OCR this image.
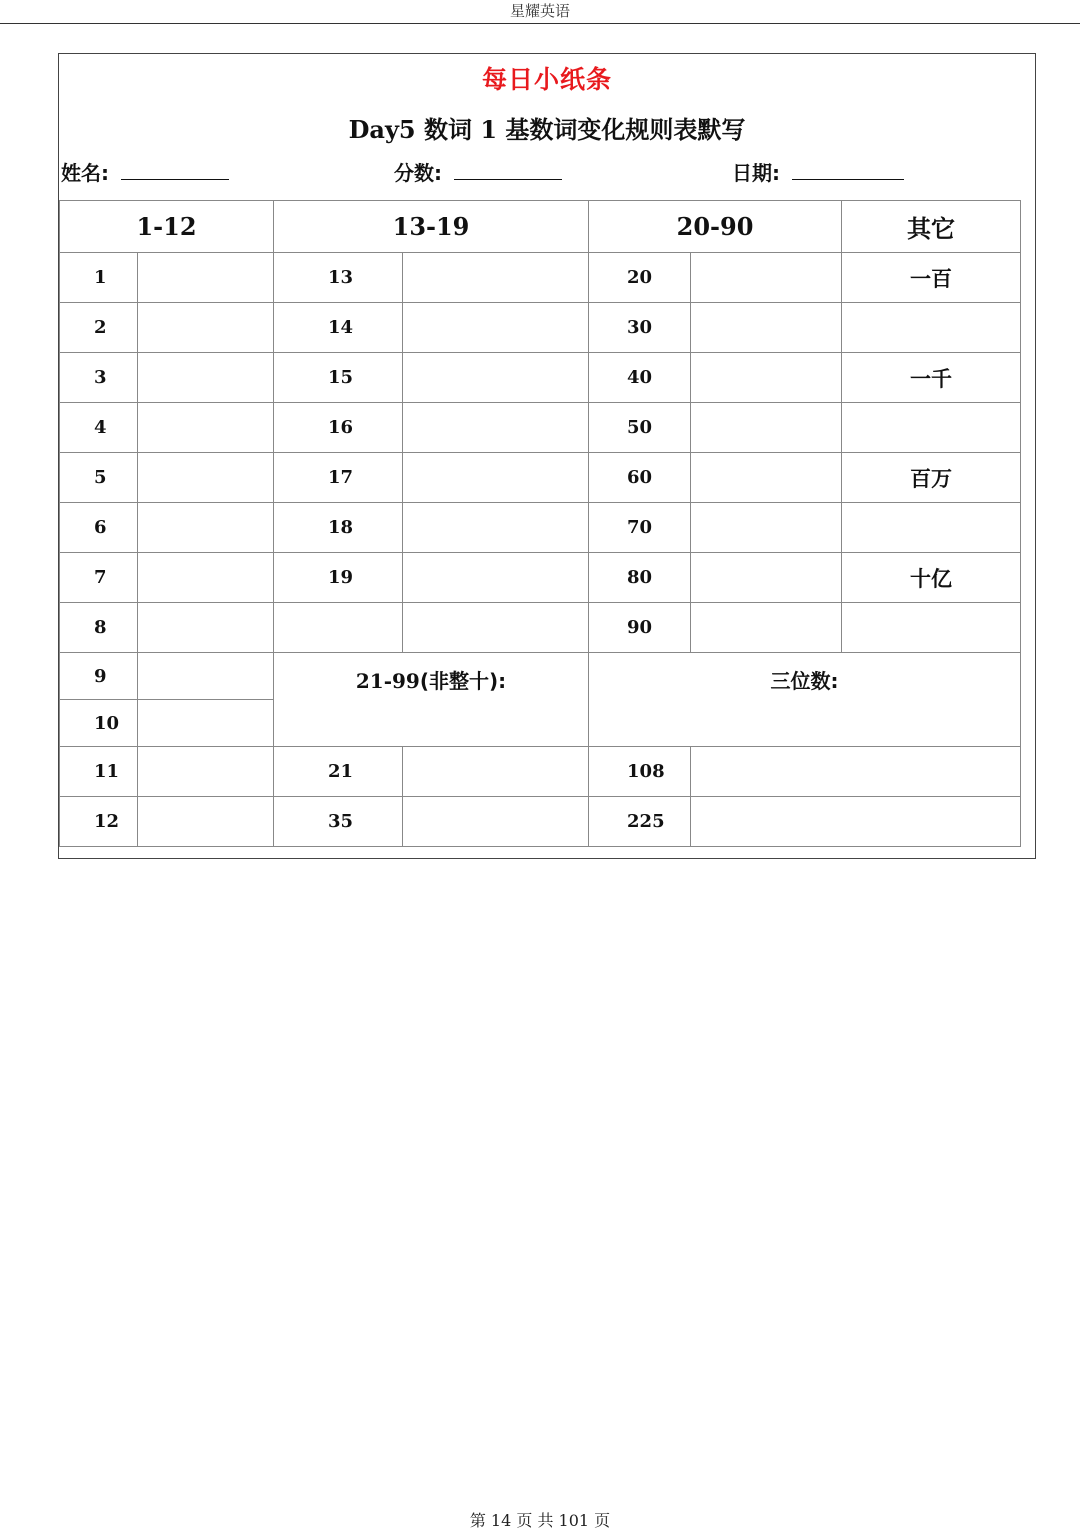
星耀英语
每日小纸条
Day5 数词 1 基数词变化规则表默写
姓名:	分数:	日期:
1-12		13-19		20-90		其它
1		13		20		一百
2		14		30		
3		15		40		一千
4		16		50		
5		17		60		百万
6		18		70		
7		19		80		十亿
8				90		
9		21-99(非整十):		三位数:		
10						
11		21		108		
12		35		225		
第 14 页 共 101 页
